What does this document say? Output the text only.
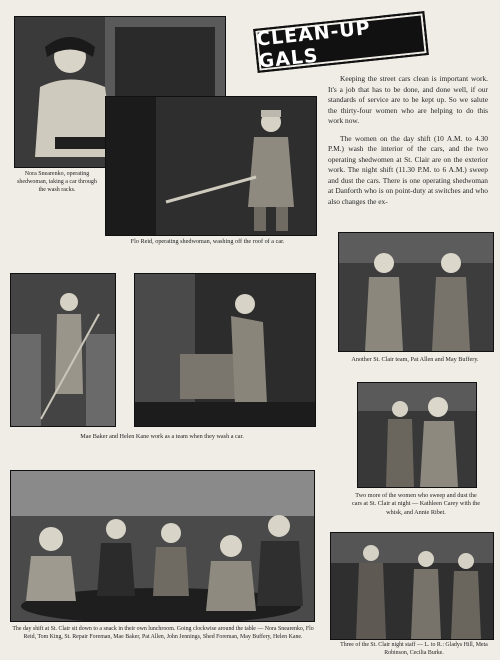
CLEAN-UP GALS
Nora Snearenko, operating shedwoman, taking a car through the wash racks.
Flo Reid, operating shedwoman, washing off the roof of a car.

Keeping the street cars clean is important work. It's a job that has to be done, and done well, if our standards of service are to be kept up. So we salute the thirty-four women who are helping to do this work now.

The women on the day shift (10 A.M. to 4.30 P.M.) wash the interior of the cars, and the two operating shedwomen at St. Clair are on the exterior work. The night shift (11.30 P.M. to 6 A.M.) sweep and dust the cars. There is one operating shedwoman at Danforth who is on point-duty at switches and who also changes the ex-

Another St. Clair team, Pat Allen and May Buffery.
Mae Baker and Helen Kane work as a team when they wash a car.
Two more of the women who sweep and dust the cars at St. Clair at night — Kathleen Carey with the whisk, and Annie Ribet.
The day shift at St. Clair sit down to a snack in their own lunchroom. Going clockwise around the table — Nora Snearenko, Flo Reid, Tom King, St. Repair Foreman, Mae Baker, Pat Allen, John Jennings, Shed Foreman, May Buffery, Helen Kane.
Three of the St. Clair night staff — L. to R.: Gladys Hill, Meta Robinson, Cecilia Burke.
